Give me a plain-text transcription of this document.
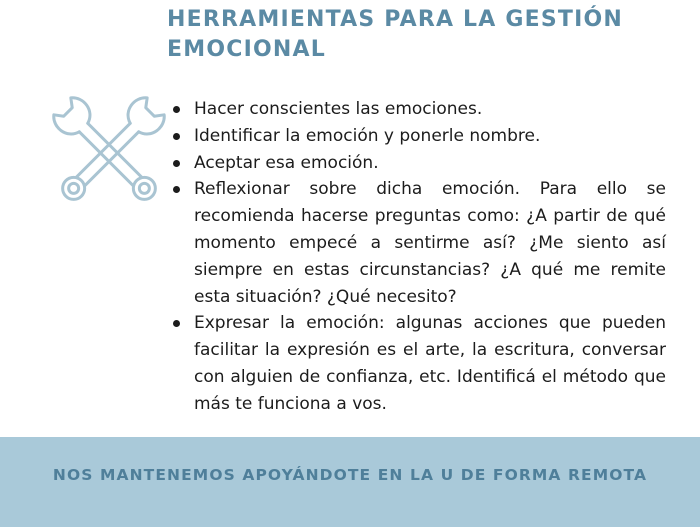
HERRAMIENTAS PARA LA GESTIÓN
EMOCIONAL
Hacer conscientes las emociones.
Identificar la emoción y ponerle nombre.
Aceptar esa emoción.
Reflexionar sobre dicha emoción. Para ello se recomienda hacerse preguntas como: ¿A partir de qué momento empecé a sentirme así? ¿Me siento así siempre en estas circunstancias? ¿A qué me remite esta situación? ¿Qué necesito?
Expresar la emoción: algunas acciones que pueden facilitar la expresión es el arte, la escritura, conversar con alguien de confianza, etc. Identificá el método que más te funciona a vos.
NOS MANTENEMOS APOYÁNDOTE EN LA U DE FORMA REMOTA
